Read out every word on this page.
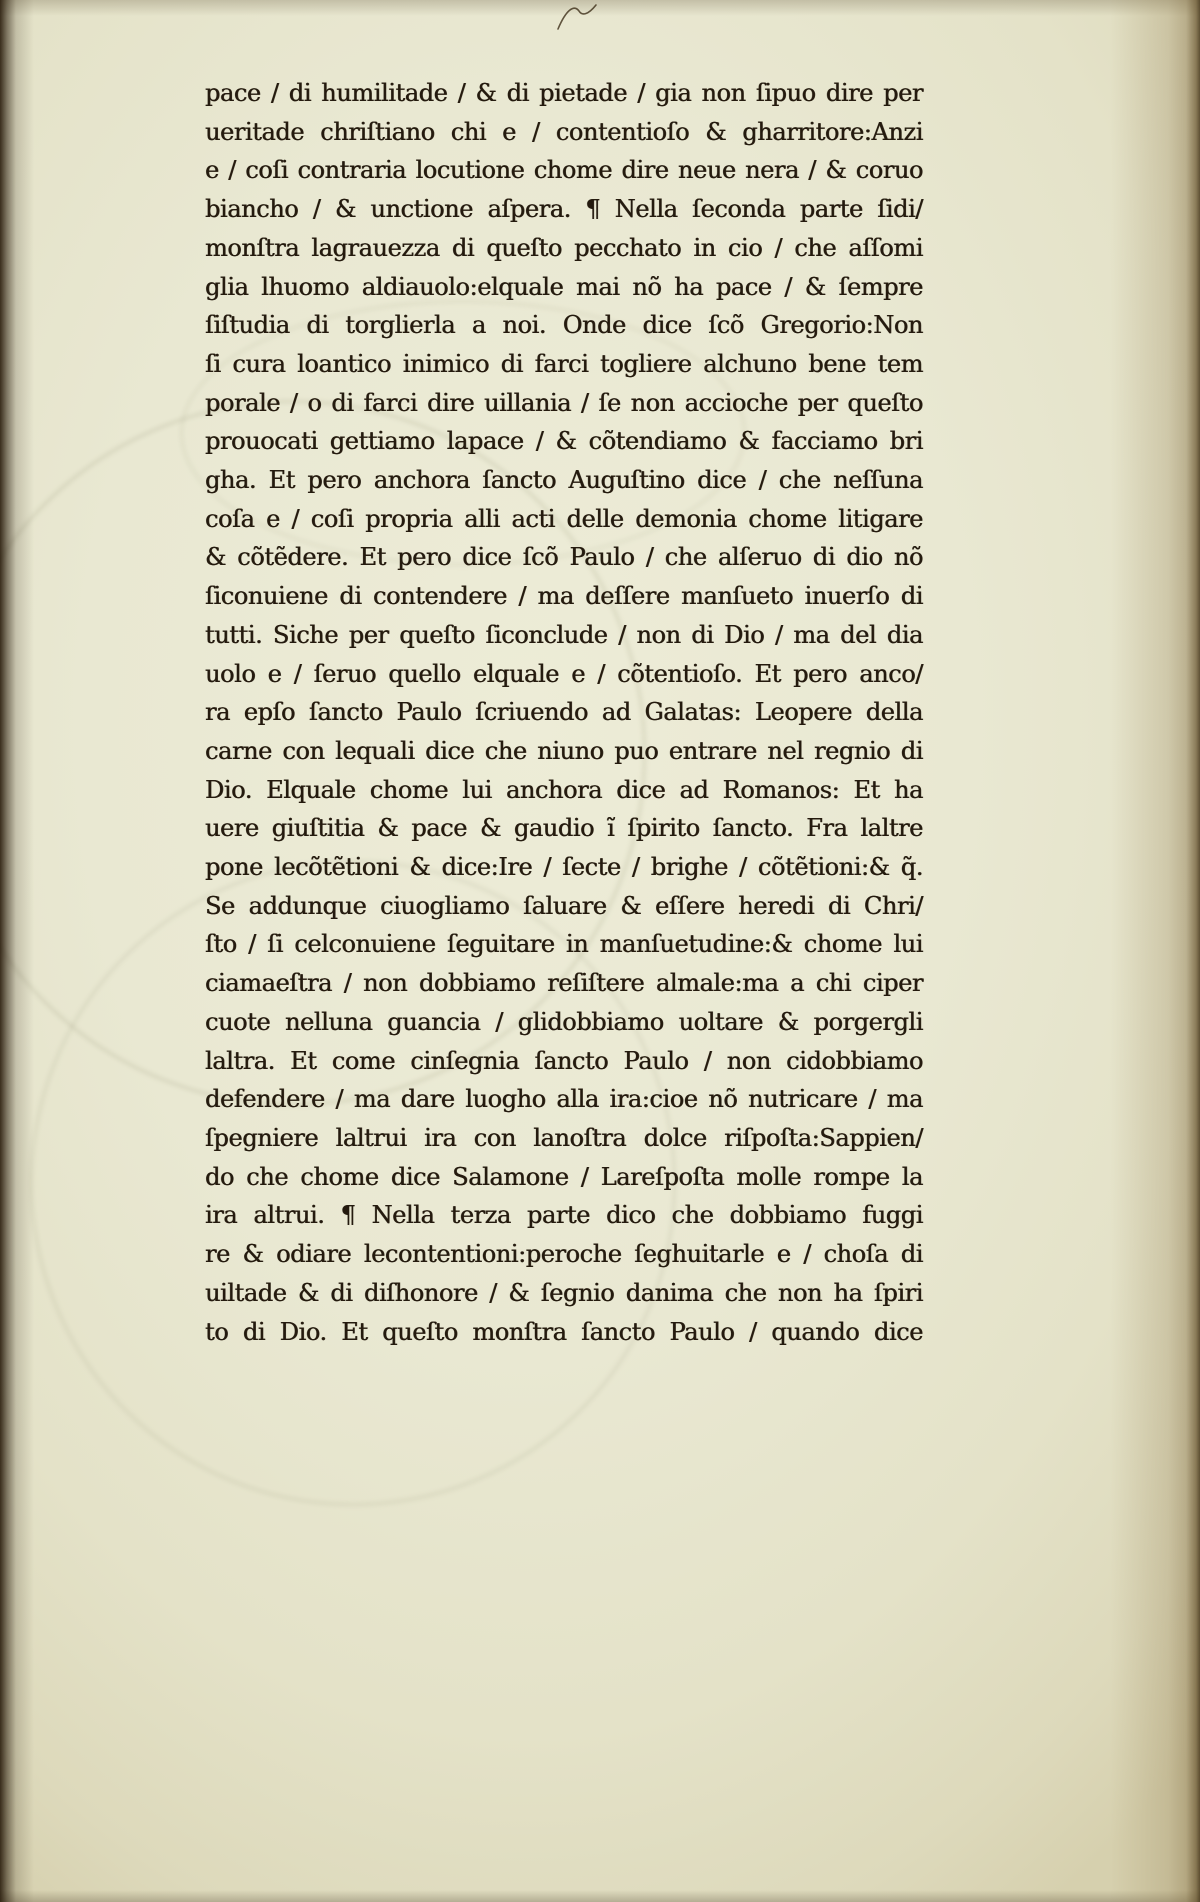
pace / di humilitade / & di pietade / gia non ſipuo dire per
ueritade chriſtiano chi e / contentioſo & gharritore:Anzi
e / coſi contraria locutione chome dire neue nera / & coruo
biancho / & unctione aſpera. ¶ Nella ſeconda parte ſidi/
monſtra lagrauezza di queſto pecchato in cio / che aſſomi
glia lhuomo aldiauolo:elquale mai nõ ha pace / & ſempre
ſiſtudia di torglierla a noi. Onde dice ſcõ Gregorio:Non
ſi cura loantico inimico di farci togliere alchuno bene tem
porale / o di farci dire uillania / ſe non accioche per queſto
prouocati gettiamo lapace / & cõtendiamo & facciamo bri
gha. Et pero anchora ſancto Auguſtino dice / che neſſuna
coſa e / coſi propria alli acti delle demonia chome litigare
& cõtẽdere. Et pero dice ſcõ Paulo / che alſeruo di dio nõ
ſiconuiene di contendere / ma deſſere manſueto inuerſo di
tutti. Siche per queſto ſiconclude / non di Dio / ma del dia
uolo e / ſeruo quello elquale e / cõtentioſo. Et pero anco/
ra epſo ſancto Paulo ſcriuendo ad Galatas: Leopere della
carne con lequali dice che niuno puo entrare nel regnio di
Dio. Elquale chome lui anchora dice ad Romanos: Et ha
uere giuſtitia & pace & gaudio ĩ ſpirito ſancto. Fra laltre
pone lecõtẽtioni & dice:Ire / ſecte / brighe / cõtẽtioni:& q̃.
Se addunque ciuogliamo ſaluare & eſſere heredi di Chri/
ſto / ſi celconuiene ſeguitare in manſuetudine:& chome lui
ciamaeſtra / non dobbiamo reſiſtere almale:ma a chi ciper
cuote nelluna guancia / glidobbiamo uoltare & porgergli
laltra. Et come cinſegnia ſancto Paulo / non cidobbiamo
defendere / ma dare luogho alla ira:cioe nõ nutricare / ma
ſpegniere laltrui ira con lanoſtra dolce riſpoſta:Sappien/
do che chome dice Salamone / Lareſpoſta molle rompe la
ira altrui. ¶ Nella terza parte dico che dobbiamo fuggi
re & odiare lecontentioni:peroche ſeghuitarle e / choſa di
uiltade & di diſhonore / & ſegnio danima che non ha ſpiri
to di Dio. Et queſto monſtra ſancto Paulo / quando dice
